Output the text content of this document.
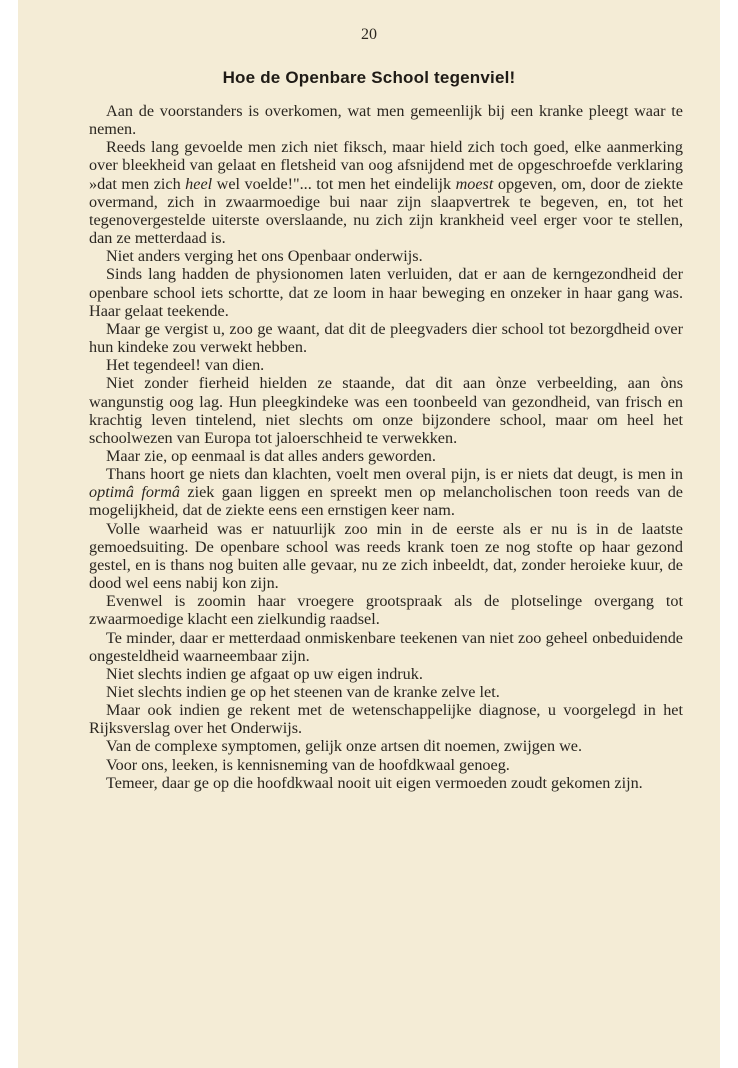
20
Hoe de Openbare School tegenviel!

Aan de voorstanders is overkomen, wat men gemeenlijk bij een kranke pleegt waar te nemen.

Reeds lang gevoelde men zich niet fiksch, maar hield zich toch goed, elke aanmerking over bleekheid van gelaat en fletsheid van oog afsnijdend met de opgeschroefde verklaring »dat men zich heel wel voelde!"... tot men het eindelijk moest opgeven, om, door de ziekte overmand, zich in zwaarmoedige bui naar zijn slaapvertrek te begeven, en, tot het tegenovergestelde uiterste overslaande, nu zich zijn krankheid veel erger voor te stellen, dan ze metterdaad is.

Niet anders verging het ons Openbaar onderwijs.

Sinds lang hadden de physionomen laten verluiden, dat er aan de kerngezondheid der openbare school iets schortte, dat ze loom in haar beweging en onzeker in haar gang was. Haar gelaat teekende.

Maar ge vergist u, zoo ge waant, dat dit de pleegvaders dier school tot bezorgdheid over hun kindeke zou verwekt hebben.

Het tegendeel! van dien.

Niet zonder fierheid hielden ze staande, dat dit aan ònze verbeelding, aan òns wangunstig oog lag. Hun pleegkindeke was een toonbeeld van gezondheid, van frisch en krachtig leven tintelend, niet slechts om onze bijzondere school, maar om heel het schoolwezen van Europa tot jaloerschheid te verwekken.

Maar zie, op eenmaal is dat alles anders geworden.

Thans hoort ge niets dan klachten, voelt men overal pijn, is er niets dat deugt, is men in optimâ formâ ziek gaan liggen en spreekt men op melancholischen toon reeds van de mogelijkheid, dat de ziekte eens een ernstigen keer nam.

Volle waarheid was er natuurlijk zoo min in de eerste als er nu is in de laatste gemoedsuiting. De openbare school was reeds krank toen ze nog stofte op haar gezond gestel, en is thans nog buiten alle gevaar, nu ze zich inbeeldt, dat, zonder heroieke kuur, de dood wel eens nabij kon zijn.

Evenwel is zoomin haar vroegere grootspraak als de plotselinge overgang tot zwaarmoedige klacht een zielkundig raadsel.

Te minder, daar er metterdaad onmiskenbare teekenen van niet zoo geheel onbeduidende ongesteldheid waarneembaar zijn.

Niet slechts indien ge afgaat op uw eigen indruk.

Niet slechts indien ge op het steenen van de kranke zelve let.

Maar ook indien ge rekent met de wetenschappelijke diagnose, u voorgelegd in het Rijksverslag over het Onderwijs.

Van de complexe symptomen, gelijk onze artsen dit noemen, zwijgen we.

Voor ons, leeken, is kennisneming van de hoofdkwaal genoeg.

Temeer, daar ge op die hoofdkwaal nooit uit eigen vermoeden zoudt gekomen zijn.
